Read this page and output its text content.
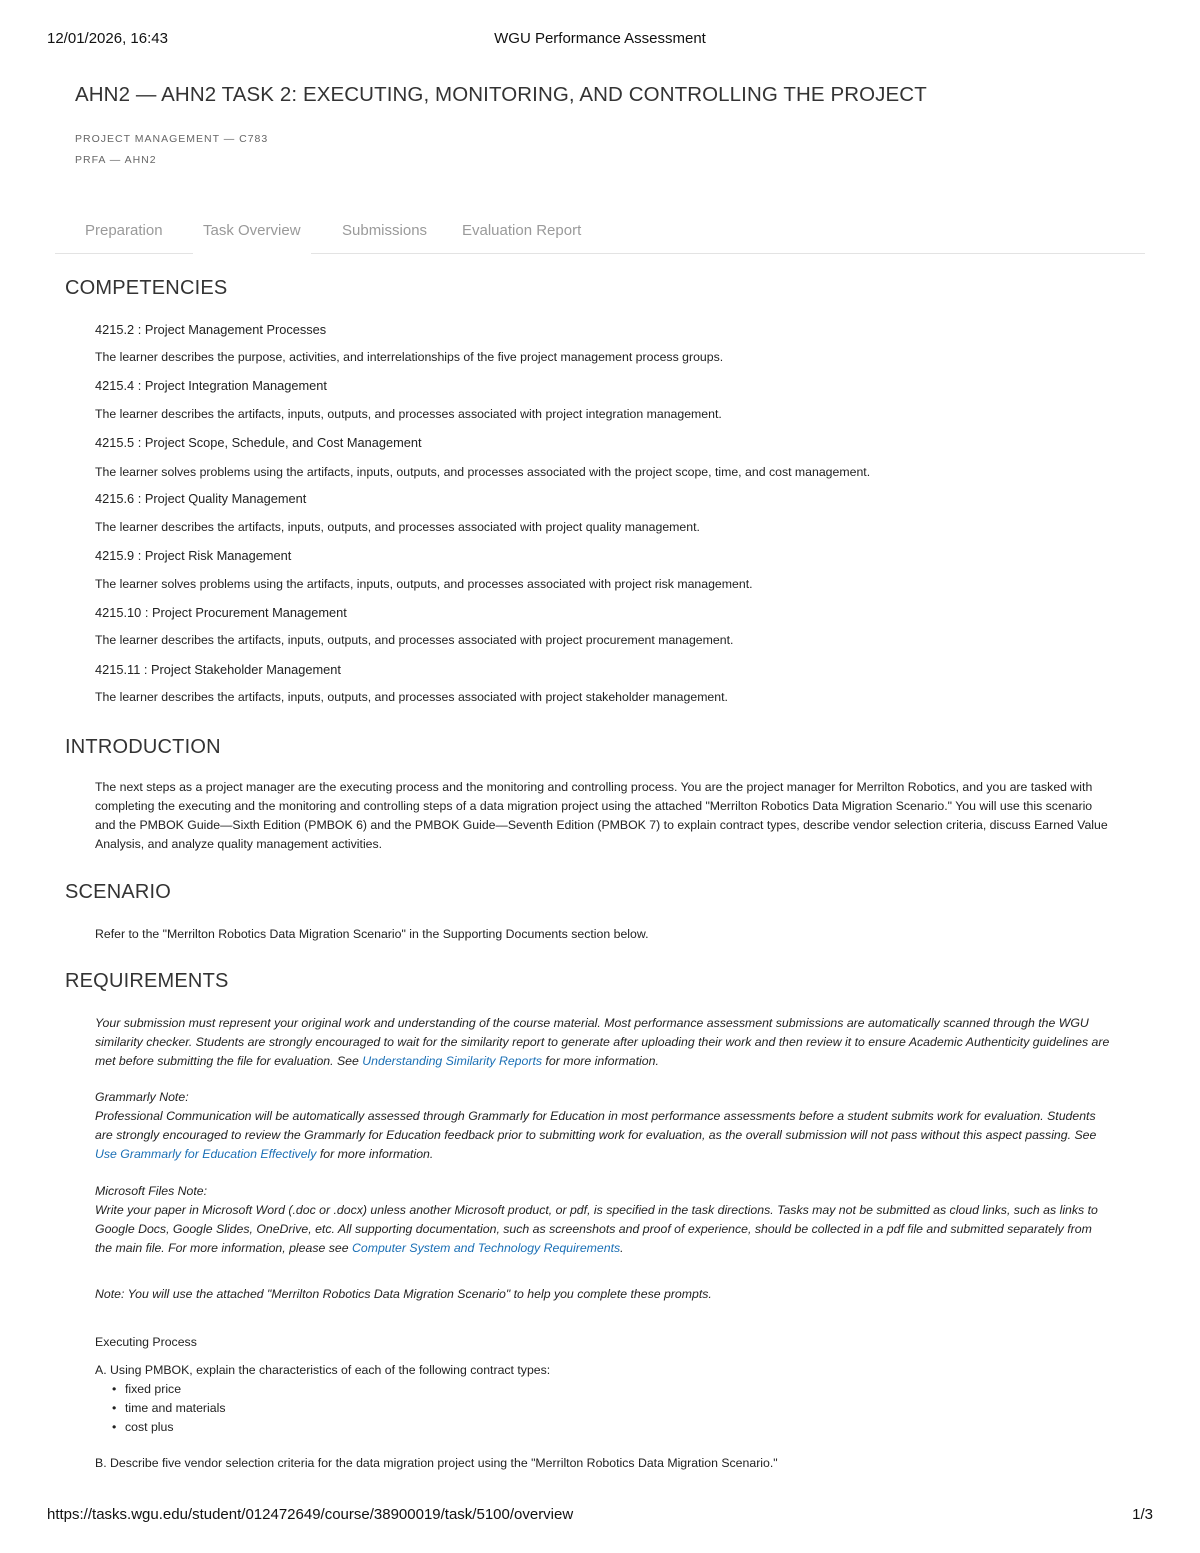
12/01/2026, 16:43	WGU Performance Assessment
AHN2 — AHN2 TASK 2: EXECUTING, MONITORING, AND CONTROLLING THE PROJECT
PROJECT MANAGEMENT — C783
PRFA — AHN2
Preparation	Task Overview	Submissions Evaluation Report
COMPETENCIES
4215.2 : Project Management Processes
The learner describes the purpose, activities, and interrelationships of the five project management process groups.
4215.4 : Project Integration Management
The learner describes the artifacts, inputs, outputs, and processes associated with project integration management.
4215.5 : Project Scope, Schedule, and Cost Management
The learner solves problems using the artifacts, inputs, outputs, and processes associated with the project scope, time, and cost management.
4215.6 : Project Quality Management
The learner describes the artifacts, inputs, outputs, and processes associated with project quality management.
4215.9 : Project Risk Management
The learner solves problems using the artifacts, inputs, outputs, and processes associated with project risk management.
4215.10 : Project Procurement Management
The learner describes the artifacts, inputs, outputs, and processes associated with project procurement management.
4215.11 : Project Stakeholder Management
The learner describes the artifacts, inputs, outputs, and processes associated with project stakeholder management.
INTRODUCTION
The next steps as a project manager are the executing process and the monitoring and controlling process. You are the project manager for Merrilton Robotics, and you are tasked with completing the executing and the monitoring and controlling steps of a data migration project using the attached "Merrilton Robotics Data Migration Scenario." You will use this scenario and the PMBOK Guide—Sixth Edition (PMBOK 6) and the PMBOK Guide—Seventh Edition (PMBOK 7) to explain contract types, describe vendor selection criteria, discuss Earned Value Analysis, and analyze quality management activities.
SCENARIO
Refer to the "Merrilton Robotics Data Migration Scenario" in the Supporting Documents section below.
REQUIREMENTS
Your submission must represent your original work and understanding of the course material. Most performance assessment submissions are automatically scanned through the WGU similarity checker. Students are strongly encouraged to wait for the similarity report to generate after uploading their work and then review it to ensure Academic Authenticity guidelines are met before submitting the file for evaluation. See Understanding Similarity Reports for more information.
Grammarly Note:
Professional Communication will be automatically assessed through Grammarly for Education in most performance assessments before a student submits work for evaluation. Students are strongly encouraged to review the Grammarly for Education feedback prior to submitting work for evaluation, as the overall submission will not pass without this aspect passing. See Use Grammarly for Education Effectively for more information.
Microsoft Files Note:
Write your paper in Microsoft Word (.doc or .docx) unless another Microsoft product, or pdf, is specified in the task directions. Tasks may not be submitted as cloud links, such as links to Google Docs, Google Slides, OneDrive, etc. All supporting documentation, such as screenshots and proof of experience, should be collected in a pdf file and submitted separately from the main file. For more information, please see Computer System and Technology Requirements.
Note: You will use the attached "Merrilton Robotics Data Migration Scenario" to help you complete these prompts.
Executing Process
A. Using PMBOK, explain the characteristics of each of the following contract types:
• fixed price
• time and materials
• cost plus
B. Describe five vendor selection criteria for the data migration project using the "Merrilton Robotics Data Migration Scenario."
https://tasks.wgu.edu/student/012472649/course/38900019/task/5100/overview	1/3
